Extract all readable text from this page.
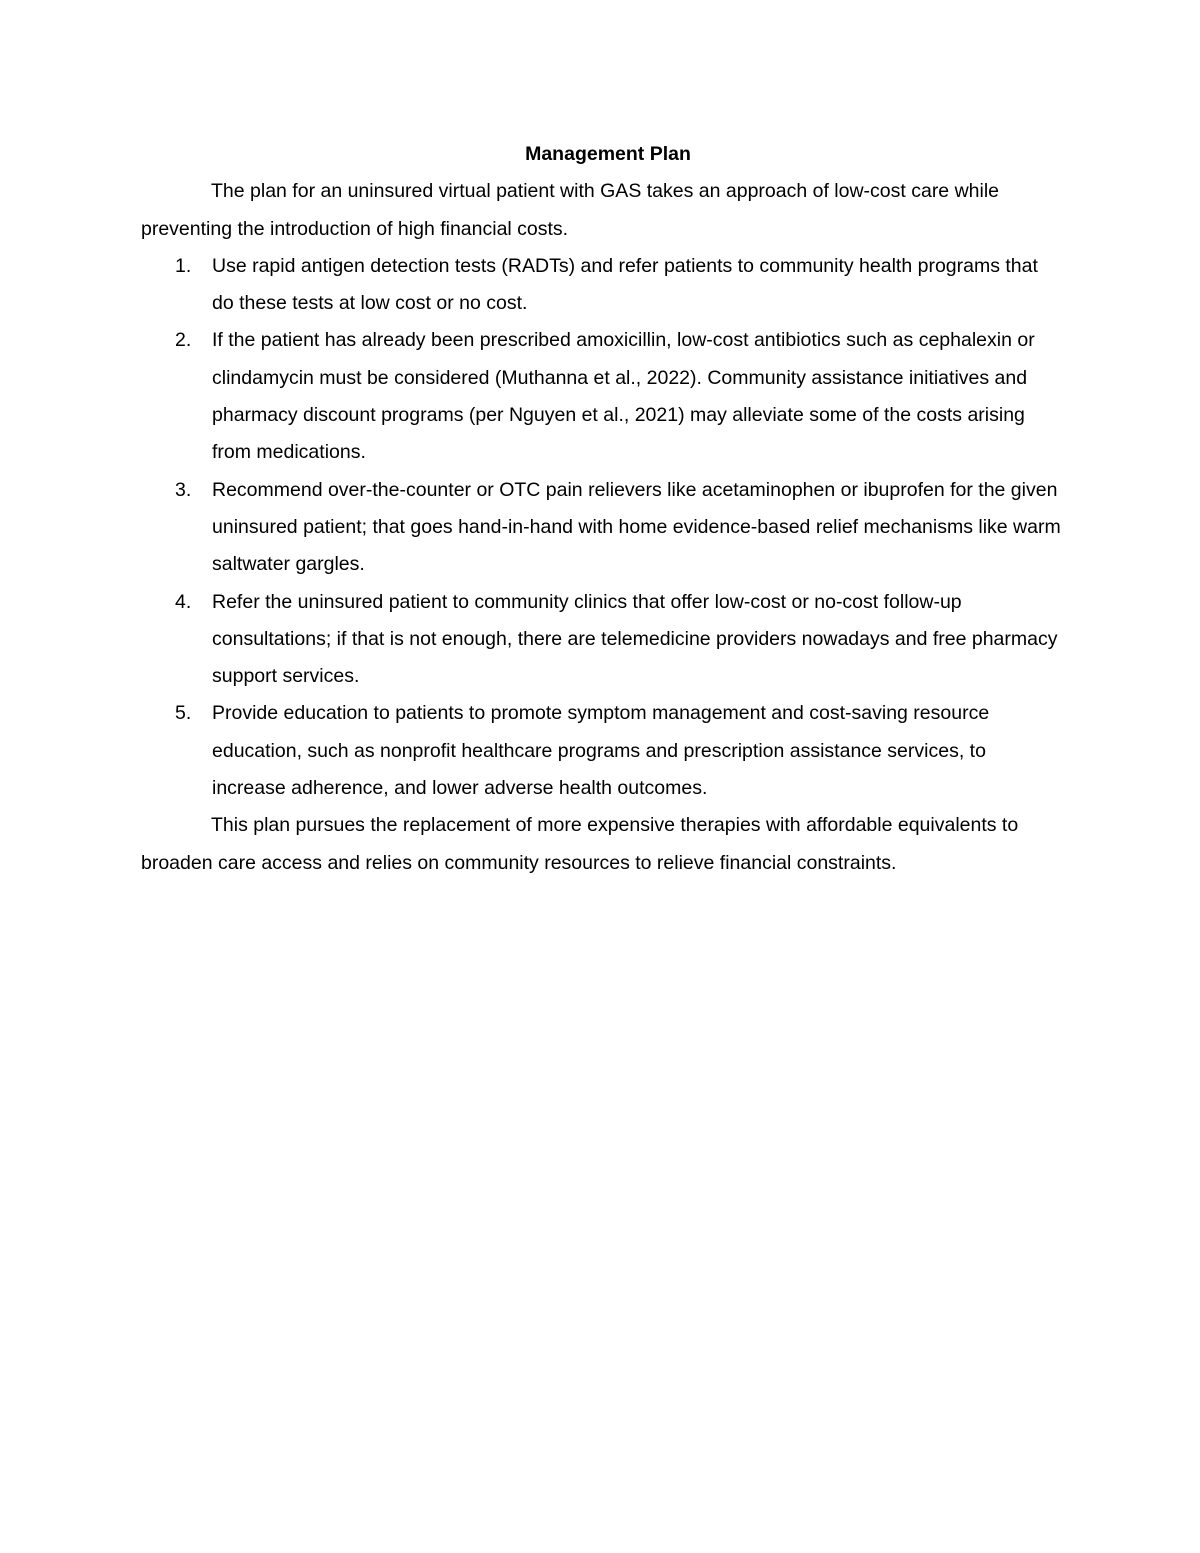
Management Plan

The plan for an uninsured virtual patient with GAS takes an approach of low-cost care while preventing the introduction of high financial costs.

1.	Use rapid antigen detection tests (RADTs) and refer patients to community health programs that do these tests at low cost or no cost.
2.	If the patient has already been prescribed amoxicillin, low-cost antibiotics such as cephalexin or clindamycin must be considered (Muthanna et al., 2022). Community assistance initiatives and pharmacy discount programs (per Nguyen et al., 2021) may alleviate some of the costs arising from medications.
3.	Recommend over-the-counter or OTC pain relievers like acetaminophen or ibuprofen for the given uninsured patient; that goes hand-in-hand with home evidence-based relief mechanisms like warm saltwater gargles.
4.	Refer the uninsured patient to community clinics that offer low-cost or no-cost follow-up consultations; if that is not enough, there are telemedicine providers nowadays and free pharmacy support services.
5.	Provide education to patients to promote symptom management and cost-saving resource education, such as nonprofit healthcare programs and prescription assistance services, to increase adherence, and lower adverse health outcomes.

This plan pursues the replacement of more expensive therapies with affordable equivalents to broaden care access and relies on community resources to relieve financial constraints.
